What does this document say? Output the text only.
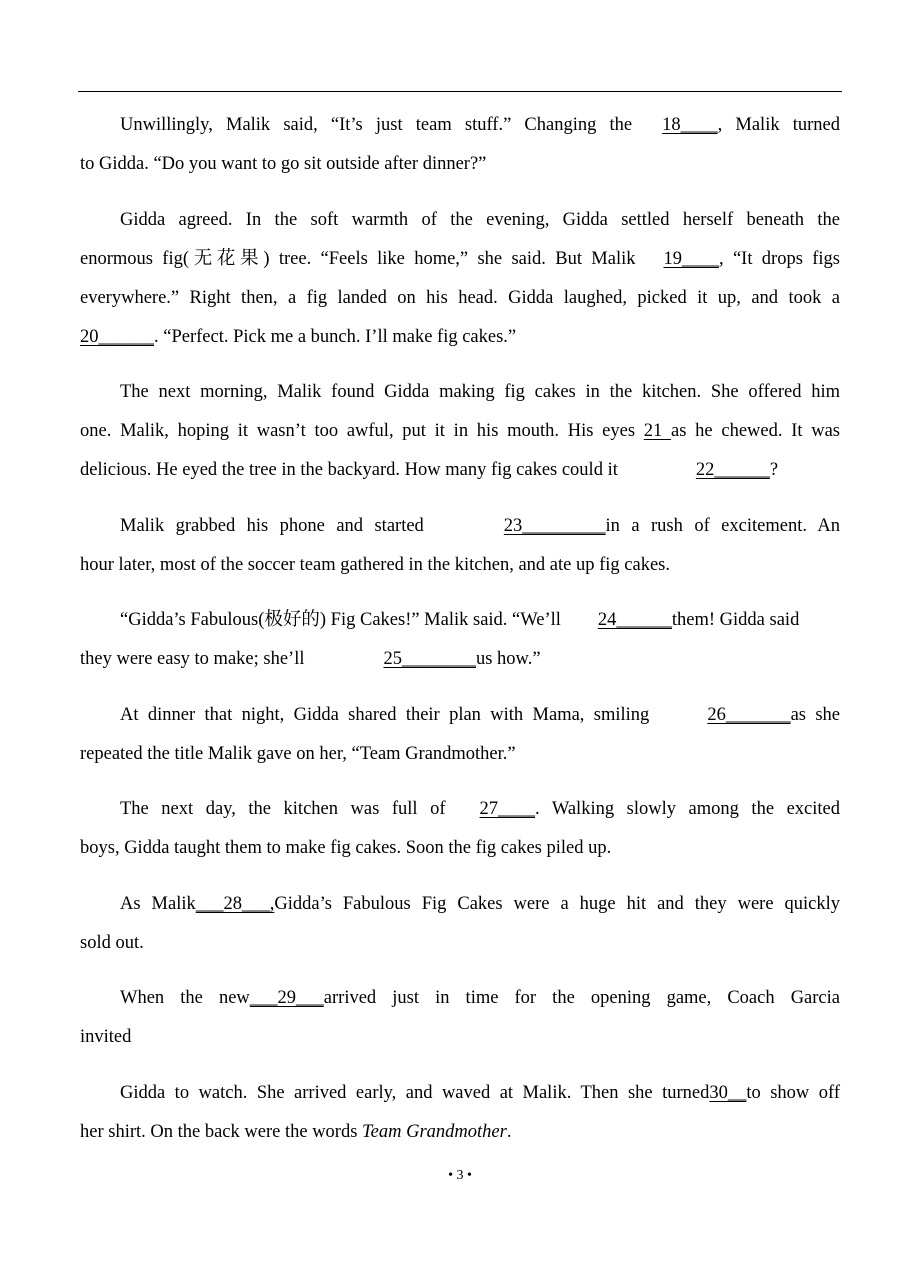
Unwillingly, Malik said, “It’s just team stuff.” Changing the 18____, Malik turned
to Gidda. “Do you want to go sit outside after dinner?”
Gidda agreed. In the soft warmth of the evening, Gidda settled herself beneath the
enormous fig(无花果) tree. “Feels like home,” she said. But Malik 19____, “It drops figs
everywhere.” Right then, a fig landed on his head. Gidda laughed, picked it up, and took a
20______. “Perfect. Pick me a bunch. I’ll make fig cakes.”
The next morning, Malik found Gidda making fig cakes in the kitchen. She offered him
one. Malik, hoping it wasn’t too awful, put it in his mouth. His eyes 21 as he chewed. It was
delicious. He eyed the tree in the backyard. How many fig cakes could it	22______?
Malik grabbed his phone and started	23_________in a rush of excitement. An
hour later, most of the soccer team gathered in the kitchen, and ate up fig cakes.
“Gidda’s Fabulous(极好的) Fig Cakes!” Malik said. “We’ll 24______them! Gidda said
they were easy to make; she’ll	25________us how.”
At dinner that night, Gidda shared their plan with Mama, smiling	26_______as she
repeated the title Malik gave on her, “Team Grandmother.”
The next day, the kitchen was full of 27____. Walking slowly among the excited
boys, Gidda taught them to make fig cakes. Soon the fig cakes piled up.
As Malik___28___,Gidda’s Fabulous Fig Cakes were a huge hit and they were quickly
sold out.
When the new___29___arrived just in time for the opening game, Coach Garcia
invited
Gidda to watch. She arrived early, and waved at Malik. Then she turned30__to show off
her shirt. On the back were the words Team Grandmother.
• 3 •
